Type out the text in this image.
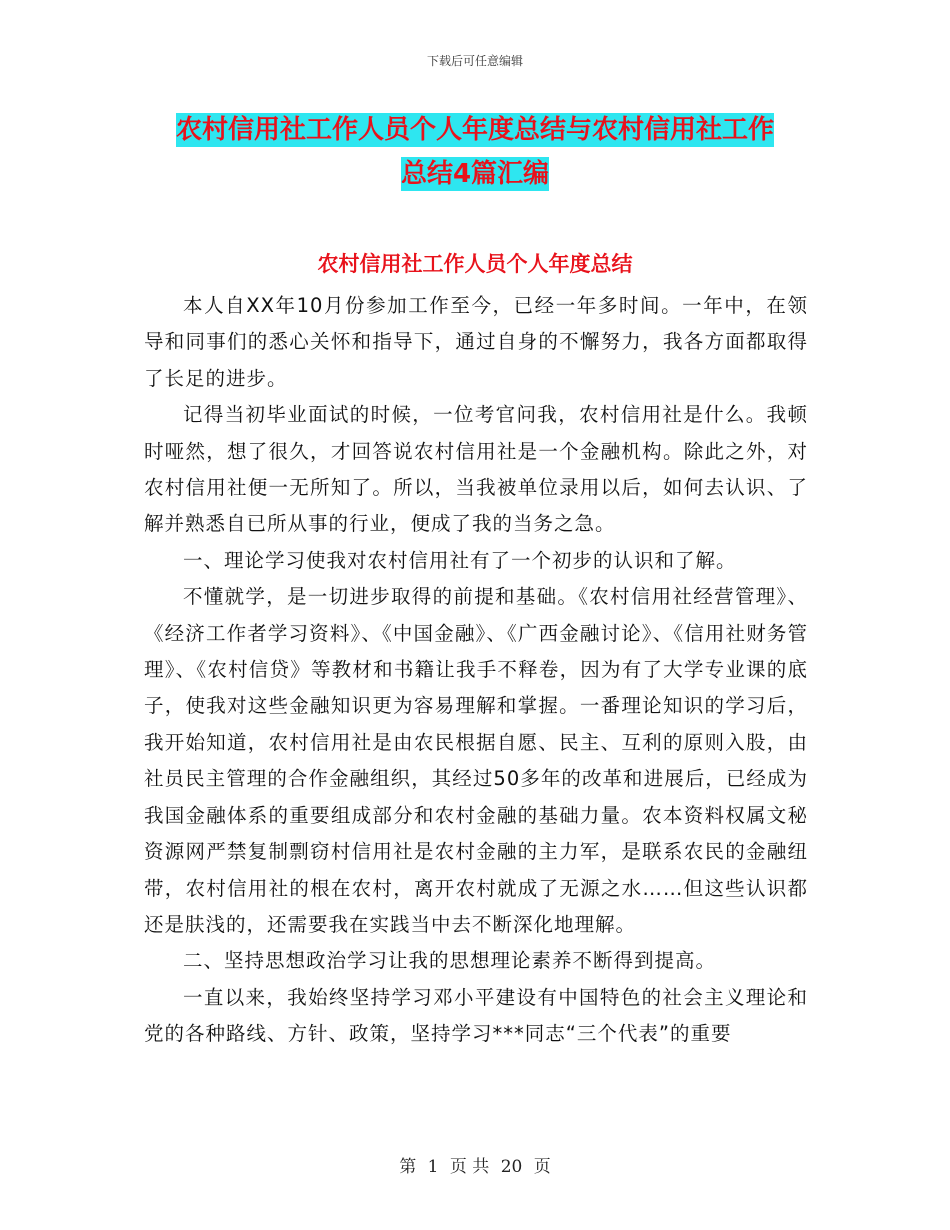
下载后可任意编辑
农村信用社工作人员个人年度总结与农村信用社工作
总结4篇汇编
农村信用社工作人员个人年度总结

本人自XX年10月份参加工作至今，已经一年多时间。一年中，在领导和同事们的悉心关怀和指导下，通过自身的不懈努力，我各方面都取得了长足的进步。

记得当初毕业面试的时候，一位考官问我，农村信用社是什么。我顿时哑然，想了很久，才回答说农村信用社是一个金融机构。除此之外，对农村信用社便一无所知了。所以，当我被单位录用以后，如何去认识、了解并熟悉自已所从事的行业，便成了我的当务之急。

一、理论学习使我对农村信用社有了一个初步的认识和了解。

不懂就学，是一切进步取得的前提和基础。《农村信用社经营管理》、《经济工作者学习资料》、《中国金融》、《广西金融讨论》、《信用社财务管理》、《农村信贷》等教材和书籍让我手不释卷，因为有了大学专业课的底子，使我对这些金融知识更为容易理解和掌握。一番理论知识的学习后，我开始知道，农村信用社是由农民根据自愿、民主、互利的原则入股，由社员民主管理的合作金融组织，其经过50多年的改革和进展后，已经成为我国金融体系的重要组成部分和农村金融的基础力量。农本资料权属文秘资源网严禁复制剽窃村信用社是农村金融的主力军，是联系农民的金融纽带，农村信用社的根在农村，离开农村就成了无源之水……但这些认识都还是肤浅的，还需要我在实践当中去不断深化地理解。

二、坚持思想政治学习让我的思想理论素养不断得到提高。

一直以来，我始终坚持学习邓小平建设有中国特色的社会主义理论和党的各种路线、方针、政策，坚持学习***同志“三个代表”的重要

第 1 页 共 20 页
